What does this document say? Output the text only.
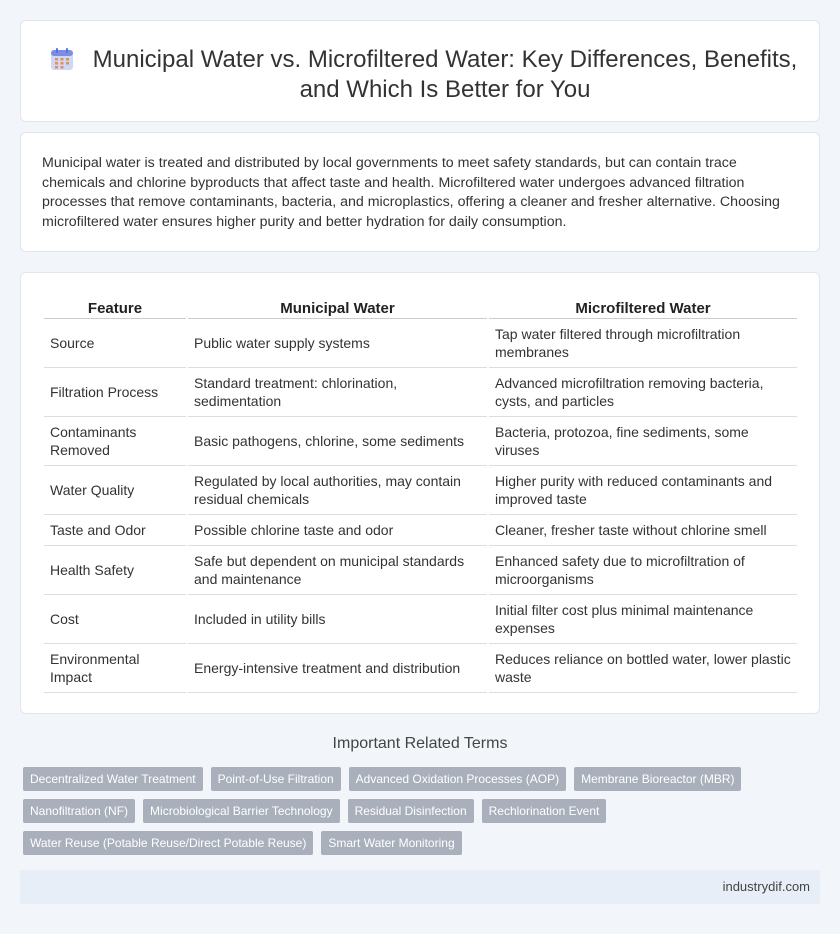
Municipal Water vs. Microfiltered Water: Key Differences, Benefits, and Which Is Better for You

Municipal water is treated and distributed by local governments to meet safety standards, but can contain trace chemicals and chlorine byproducts that affect taste and health. Microfiltered water undergoes advanced filtration processes that remove contaminants, bacteria, and microplastics, offering a cleaner and fresher alternative. Choosing microfiltered water ensures higher purity and better hydration for daily consumption.

Feature	Municipal Water	Microfiltered Water
Source	Public water supply systems	Tap water filtered through microfiltration membranes
Filtration Process	Standard treatment: chlorination, sedimentation	Advanced microfiltration removing bacteria, cysts, and particles
Contaminants Removed	Basic pathogens, chlorine, some sediments	Bacteria, protozoa, fine sediments, some viruses
Water Quality	Regulated by local authorities, may contain residual chemicals	Higher purity with reduced contaminants and improved taste
Taste and Odor	Possible chlorine taste and odor	Cleaner, fresher taste without chlorine smell
Health Safety	Safe but dependent on municipal standards and maintenance	Enhanced safety due to microfiltration of microorganisms
Cost	Included in utility bills	Initial filter cost plus minimal maintenance expenses
Environmental Impact	Energy-intensive treatment and distribution	Reduces reliance on bottled water, lower plastic waste
Important Related Terms
Decentralized Water Treatment	Point-of-Use Filtration	Advanced Oxidation Processes (AOP)	Membrane Bioreactor (MBR)
Nanofiltration (NF)	Microbiological Barrier Technology	Residual Disinfection	Rechlorination Event
Water Reuse (Potable Reuse/Direct Potable Reuse)	Smart Water Monitoring
industrydif.com
